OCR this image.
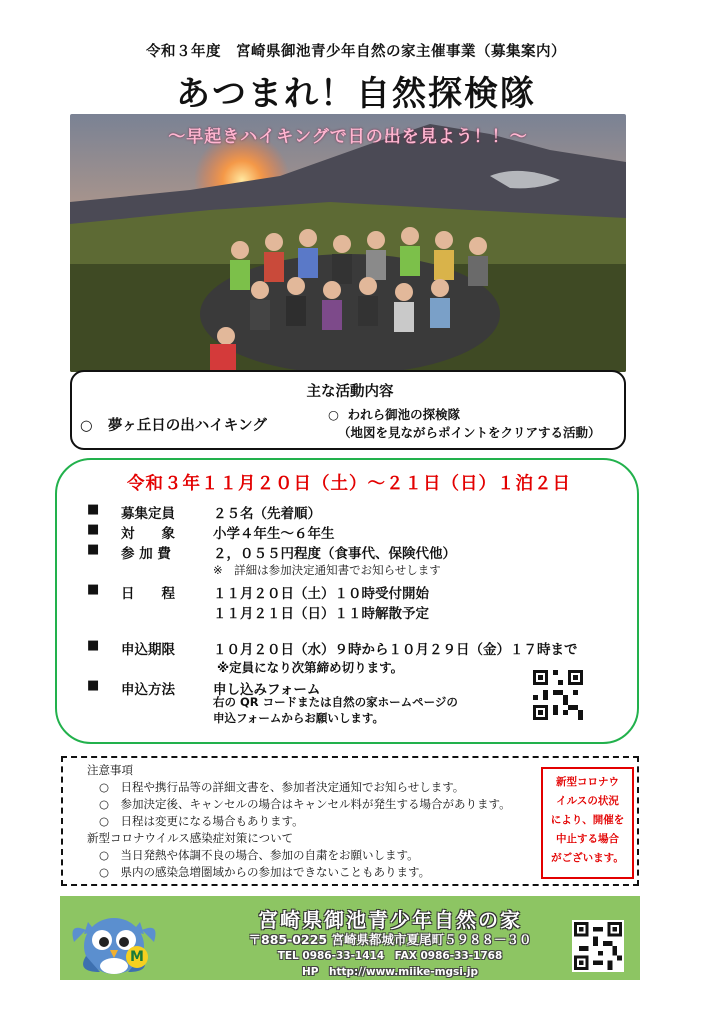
令和３年度　宮崎県御池青少年自然の家主催事業（募集案内）
あつまれ！自然探検隊
～早起きハイキングで日の出を見よう！！～
主な活動内容
○ 夢ヶ丘日の出ハイキング
○ われら御池の探検隊
（地図を見ながらポイントをクリアする活動）
令和３年１１月２０日（土）～２１日（日）１泊２日
■ 募集定員	２５名（先着順）
■ 対　　象	小学４年生～６年生
■ 参 加 費	２，０５５円程度（食事代、保険代他）
※　詳細は参加決定通知書でお知らせします
■ 日　　程	１１月２０日（土）１０時受付開始
１１月２１日（日）１１時解散予定
■ 申込期限	１０月２０日（水）９時から１０月２９日（金）１７時まで
※定員になり次第締め切ります。
■ 申込方法	申し込みフォーム
右の QR コードまたは自然の家ホームページの
申込フォームからお願いします。
注意事項
○　 日程や携行品等の詳細文書を、参加者決定通知でお知らせします。
○　 参加決定後、キャンセルの場合はキャンセル料が発生する場合があります。
○　 日程は変更になる場合もあります。
新型コロナウイルス感染症対策について
○　 当日発熱や体調不良の場合、参加の自粛をお願いします。
○　 県内の感染急増圏域からの参加はできないこともあります。
新型コロナウ
イルスの状況
により、開催を
中止する場合
がございます。
M
宮崎県御池青少年自然の家
〒885-0225 宮崎県都城市夏尾町５９８８－３０
TEL 0986-33-1414　FAX 0986-33-1768
HP　http://www.miike-mgsi.jp
